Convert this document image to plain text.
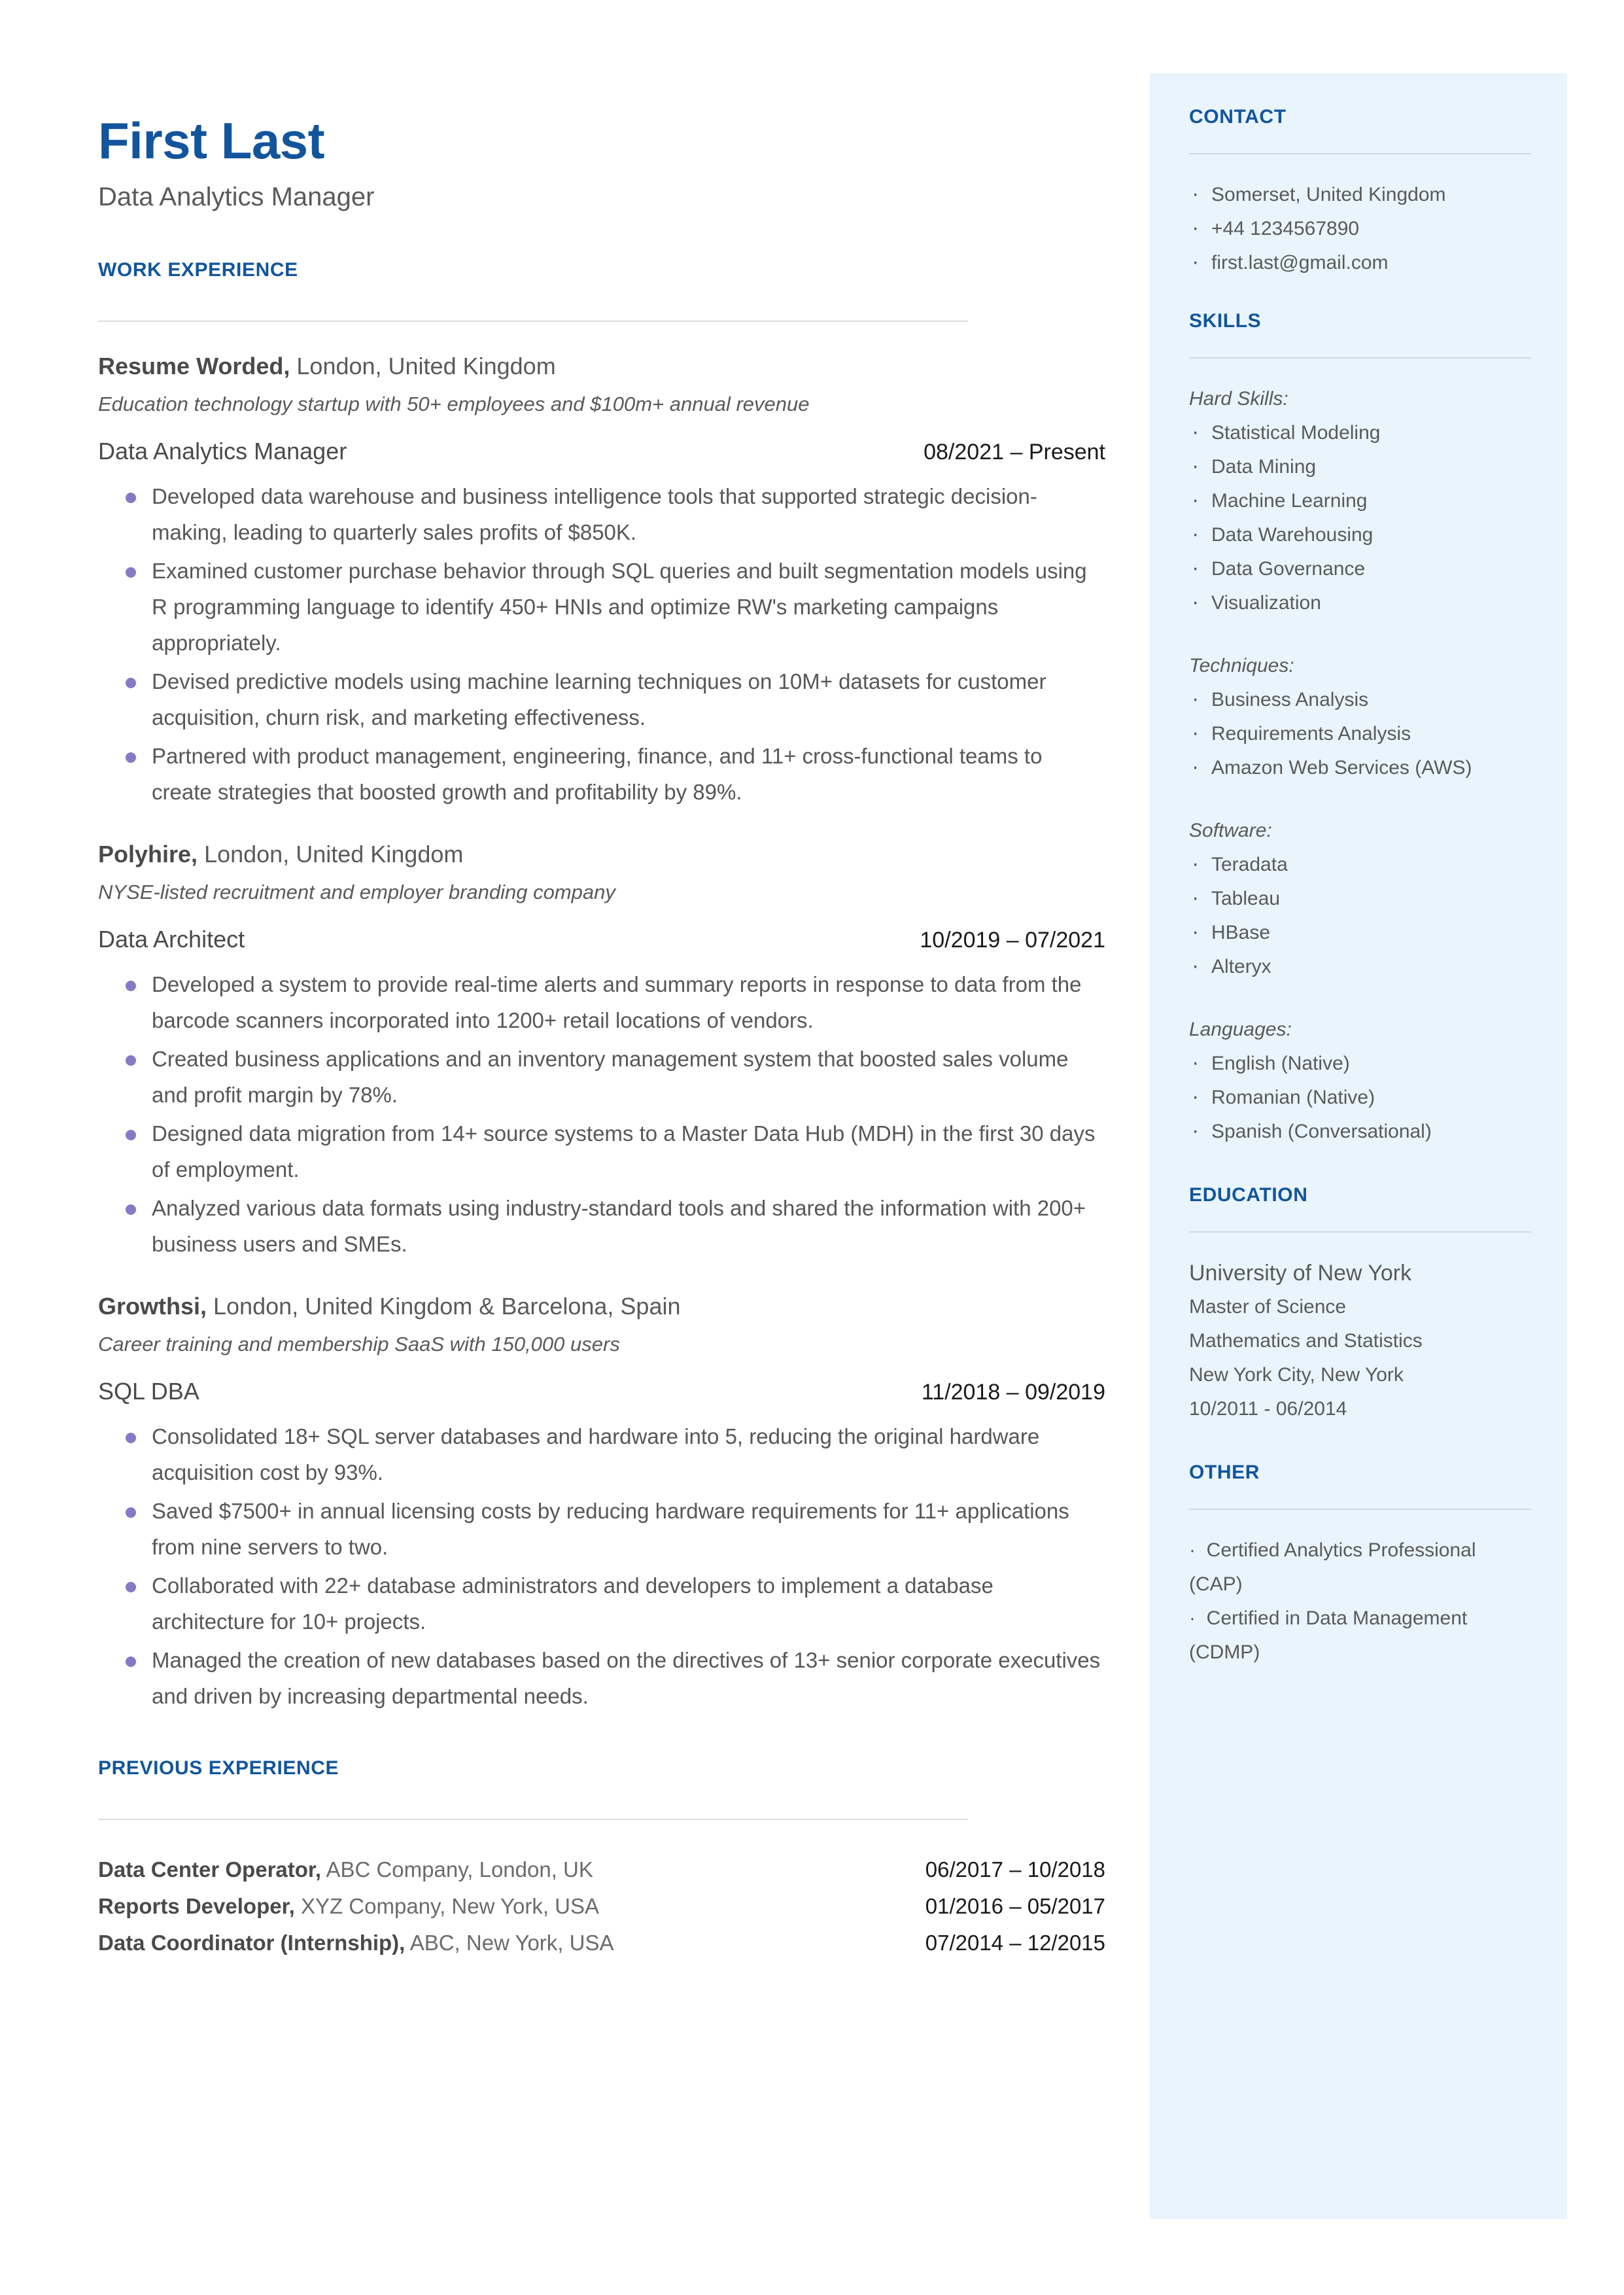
CONTACT
· Somerset, United Kingdom
· +44 1234567890
· first.last@gmail.com
SKILLS

Hard Skills:

· Statistical Modeling
· Data Mining
· Machine Learning
· Data Warehousing
· Data Governance
· Visualization

Techniques:

· Business Analysis
· Requirements Analysis
· Amazon Web Services (AWS)

Software:

· Teradata
· Tableau
· HBase
· Alteryx

Languages:

· English (Native)
· Romanian (Native)
· Spanish (Conversational)
EDUCATION

University of New York

Master of Science

Mathematics and Statistics

New York City, New York

10/2011 - 06/2014

OTHER

·  Certified Analytics Professional (CAP)

·  Certified in Data Management (CDMP)

First Last

Data Analytics Manager

WORK EXPERIENCE

Resume Worded, London, United Kingdom

Education technology startup with 50+ employees and $100m+ annual revenue

Data Analytics Manager	08/2021 – Present
Developed data warehouse and business intelligence tools that supported strategic decision-making, leading to quarterly sales profits of $850K.
Examined customer purchase behavior through SQL queries and built segmentation models using R programming language to identify 450+ HNIs and optimize RW's marketing campaigns appropriately.
Devised predictive models using machine learning techniques on 10M+ datasets for customer acquisition, churn risk, and marketing effectiveness.
Partnered with product management, engineering, finance, and 11+ cross-functional teams to create strategies that boosted growth and profitability by 89%.

Polyhire, London, United Kingdom

NYSE-listed recruitment and employer branding company

Data Architect	10/2019 – 07/2021
Developed a system to provide real-time alerts and summary reports in response to data from the barcode scanners incorporated into 1200+ retail locations of vendors.
Created business applications and an inventory management system that boosted sales volume and profit margin by 78%.
Designed data migration from 14+ source systems to a Master Data Hub (MDH) in the first 30 days of employment.
Analyzed various data formats using industry-standard tools and shared the information with 200+ business users and SMEs.

Growthsi, London, United Kingdom & Barcelona, Spain

Career training and membership SaaS with 150,000 users

SQL DBA	11/2018 – 09/2019
Consolidated 18+ SQL server databases and hardware into 5, reducing the original hardware acquisition cost by 93%.
Saved $7500+ in annual licensing costs by reducing hardware requirements for 11+ applications from nine servers to two.
Collaborated with 22+ database administrators and developers to implement a database architecture for 10+ projects.
Managed the creation of new databases based on the directives of 13+ senior corporate executives and driven by increasing departmental needs.
PREVIOUS EXPERIENCE
Data Center Operator, ABC Company, London, UK	06/2017 – 10/2018
Reports Developer, XYZ Company, New York, USA	01/2016 – 05/2017
Data Coordinator (Internship), ABC, New York, USA	07/2014 – 12/2015
